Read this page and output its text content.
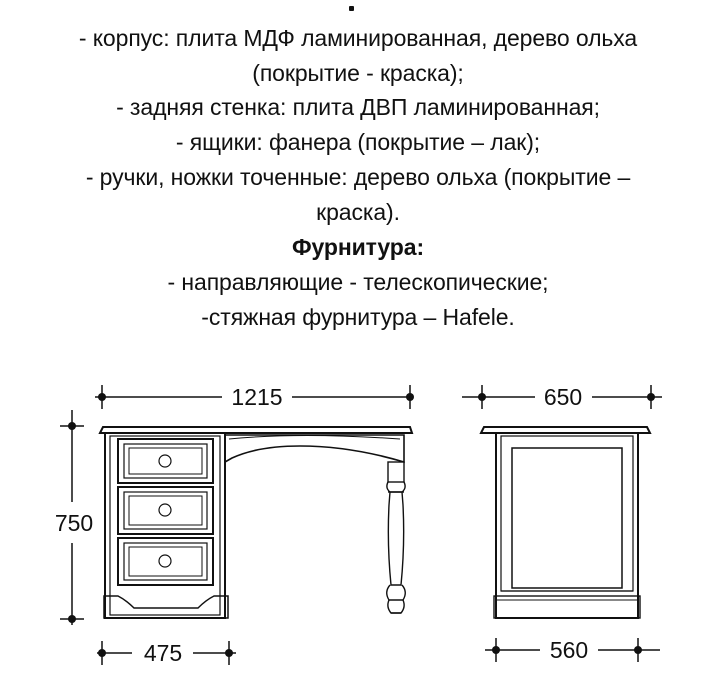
- корпус: плита МДФ ламинированная, дерево ольха
(покрытие - краска);
- задняя стенка: плита ДВП ламинированная;
- ящики: фанера (покрытие – лак);
- ручки, ножки точенные: дерево ольха (покрытие –
краска).
Фурнитура:
- направляющие - телескопические;
-стяжная фурнитура – Hafele.
1215
750
475
650
560
